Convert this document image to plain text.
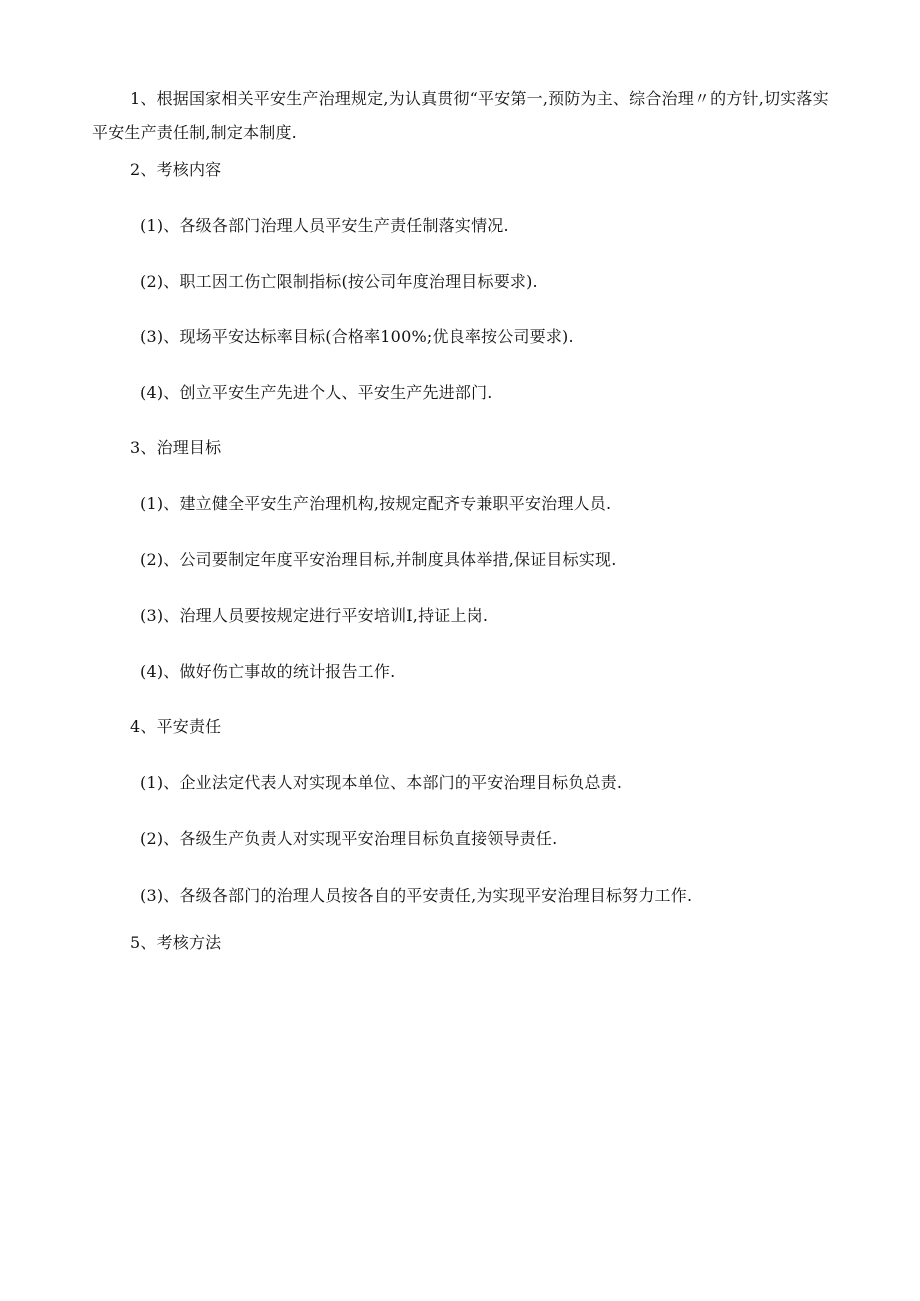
1、根据国家相关平安生产治理规定,为认真贯彻“平安第一,预防为主、综合治理〃的方针,切实落实平安生产责任制,制定本制度.

2、考核内容
(1)、各级各部门治理人员平安生产责任制落实情况.
(2)、职工因工伤亡限制指标(按公司年度治理目标要求).
(3)、现场平安达标率目标(合格率100%;优良率按公司要求).
(4)、创立平安生产先进个人、平安生产先进部门.
3、治理目标
(1)、建立健全平安生产治理机构,按规定配齐专兼职平安治理人员.
(2)、公司要制定年度平安治理目标,并制度具体举措,保证目标实现.
(3)、治理人员要按规定进行平安培训I,持证上岗.
(4)、做好伤亡事故的统计报告工作.
4、平安责任
(1)、企业法定代表人对实现本单位、本部门的平安治理目标负总责.
(2)、各级生产负责人对实现平安治理目标负直接领导责任.
(3)、各级各部门的治理人员按各自的平安责任,为实现平安治理目标努力工作.
5、考核方法
